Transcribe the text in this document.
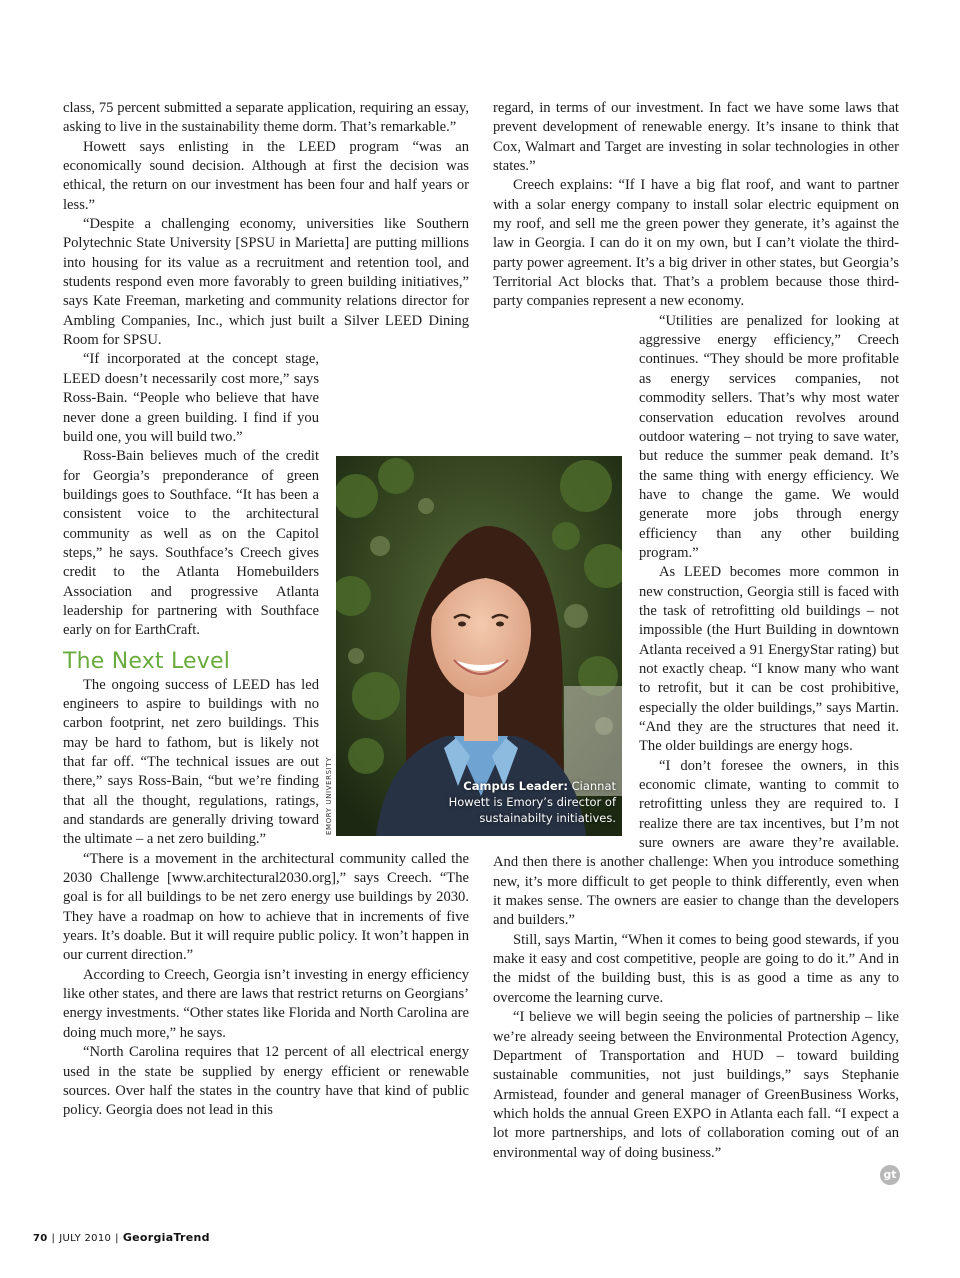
class, 75 percent submitted a separate application, requiring an essay, asking to live in the sustainability theme dorm. That’s remarkable.”

Howett says enlisting in the LEED program “was an economically sound decision. Although at first the decision was ethical, the return on our investment has been four and half years or less.”

“Despite a challenging economy, universities like Southern Polytechnic State University [SPSU in Marietta] are putting millions into housing for its value as a recruitment and retention tool, and students respond even more favorably to green building initiatives,” says Kate Freeman, marketing and community relations director for Ambling Companies, Inc., which just built a Silver LEED Dining Room for SPSU.

“If incorporated at the concept stage, LEED doesn’t necessarily cost more,” says Ross-Bain. “People who believe that have never done a green building. I find if you build one, you will build two.”

Ross-Bain believes much of the credit for Georgia’s preponderance of green buildings goes to Southface. “It has been a consistent voice to the architectural community as well as on the Capitol steps,” he says. Southface’s Creech gives credit to the Atlanta Homebuilders Association and progressive Atlanta leadership for partnering with Southface early on for EarthCraft.

The Next Level

The ongoing success of LEED has led engineers to aspire to buildings with no carbon footprint, net zero buildings. This may be hard to fathom, but is likely not that far off. “The technical issues are out there,” says Ross-Bain, “but we’re finding that all the thought, regulations, ratings, and standards are generally driving toward the ultimate – a net zero building.”

“There is a movement in the architectural community called the 2030 Challenge [www.architectural2030.org],” says Creech. “The goal is for all buildings to be net zero energy use buildings by 2030. They have a roadmap on how to achieve that in increments of five years. It’s doable. But it will require public policy. It won’t happen in our current direction.”

According to Creech, Georgia isn’t investing in energy efficiency like other states, and there are laws that restrict returns on Georgians’ energy investments. “Other states like Florida and North Carolina are doing much more,” he says.

“North Carolina requires that 12 percent of all electrical energy used in the state be supplied by energy efficient or renewable sources. Over half the states in the country have that kind of public policy. Georgia does not lead in this

regard, in terms of our investment. In fact we have some laws that prevent development of renewable energy. It’s insane to think that Cox, Walmart and Target are investing in solar technologies in other states.”

Creech explains: “If I have a big flat roof, and want to partner with a solar energy company to install solar electric equipment on my roof, and sell me the green power they generate, it’s against the law in Georgia. I can do it on my own, but I can’t violate the third-party power agreement. It’s a big driver in other states, but Georgia’s Territorial Act blocks that. That’s a problem because those third-party companies represent a new economy.

“Utilities are penalized for looking at aggressive energy efficiency,” Creech continues. “They should be more profitable as energy services companies, not commodity sellers. That’s why most water conservation education revolves around outdoor watering – not trying to save water, but reduce the summer peak demand. It’s the same thing with energy efficiency. We have to change the game. We would generate more jobs through energy efficiency than any other building program.”

As LEED becomes more common in new construction, Georgia still is faced with the task of retrofitting old buildings – not impossible (the Hurt Building in downtown Atlanta received a 91 EnergyStar rating) but not exactly cheap. “I know many who want to retrofit, but it can be cost prohibitive, especially the older buildings,” says Martin. “And they are the structures that need it. The older buildings are energy hogs.

“I don’t foresee the owners, in this economic climate, wanting to commit to retrofitting unless they are required to. I realize there are tax incentives, but I’m not sure owners are aware they’re available. And then there is another challenge: When you introduce something new, it’s more difficult to get people to think differently, even when it makes sense. The owners are easier to change than the developers and builders.”

Still, says Martin, “When it comes to being good stewards, if you make it easy and cost competitive, people are going to do it.” And in the midst of the building bust, this is as good a time as any to overcome the learning curve.

“I believe we will begin seeing the policies of partnership – like we’re already seeing between the Environmental Protection Agency, Department of Transportation and HUD – toward building sustainable communities, not just buildings,” says Stephanie Armistead, founder and general manager of GreenBusiness Works, which holds the annual Green EXPO in Atlanta each fall. “I expect a lot more partnerships, and lots of collaboration coming out of an environmental way of doing business.”

EMORY UNIVERSITY	Campus Leader: Ciannat Howett is Emory’s director of sustainabilty initiatives.
gt
70 | JULY 2010 | GeorgiaTrend
